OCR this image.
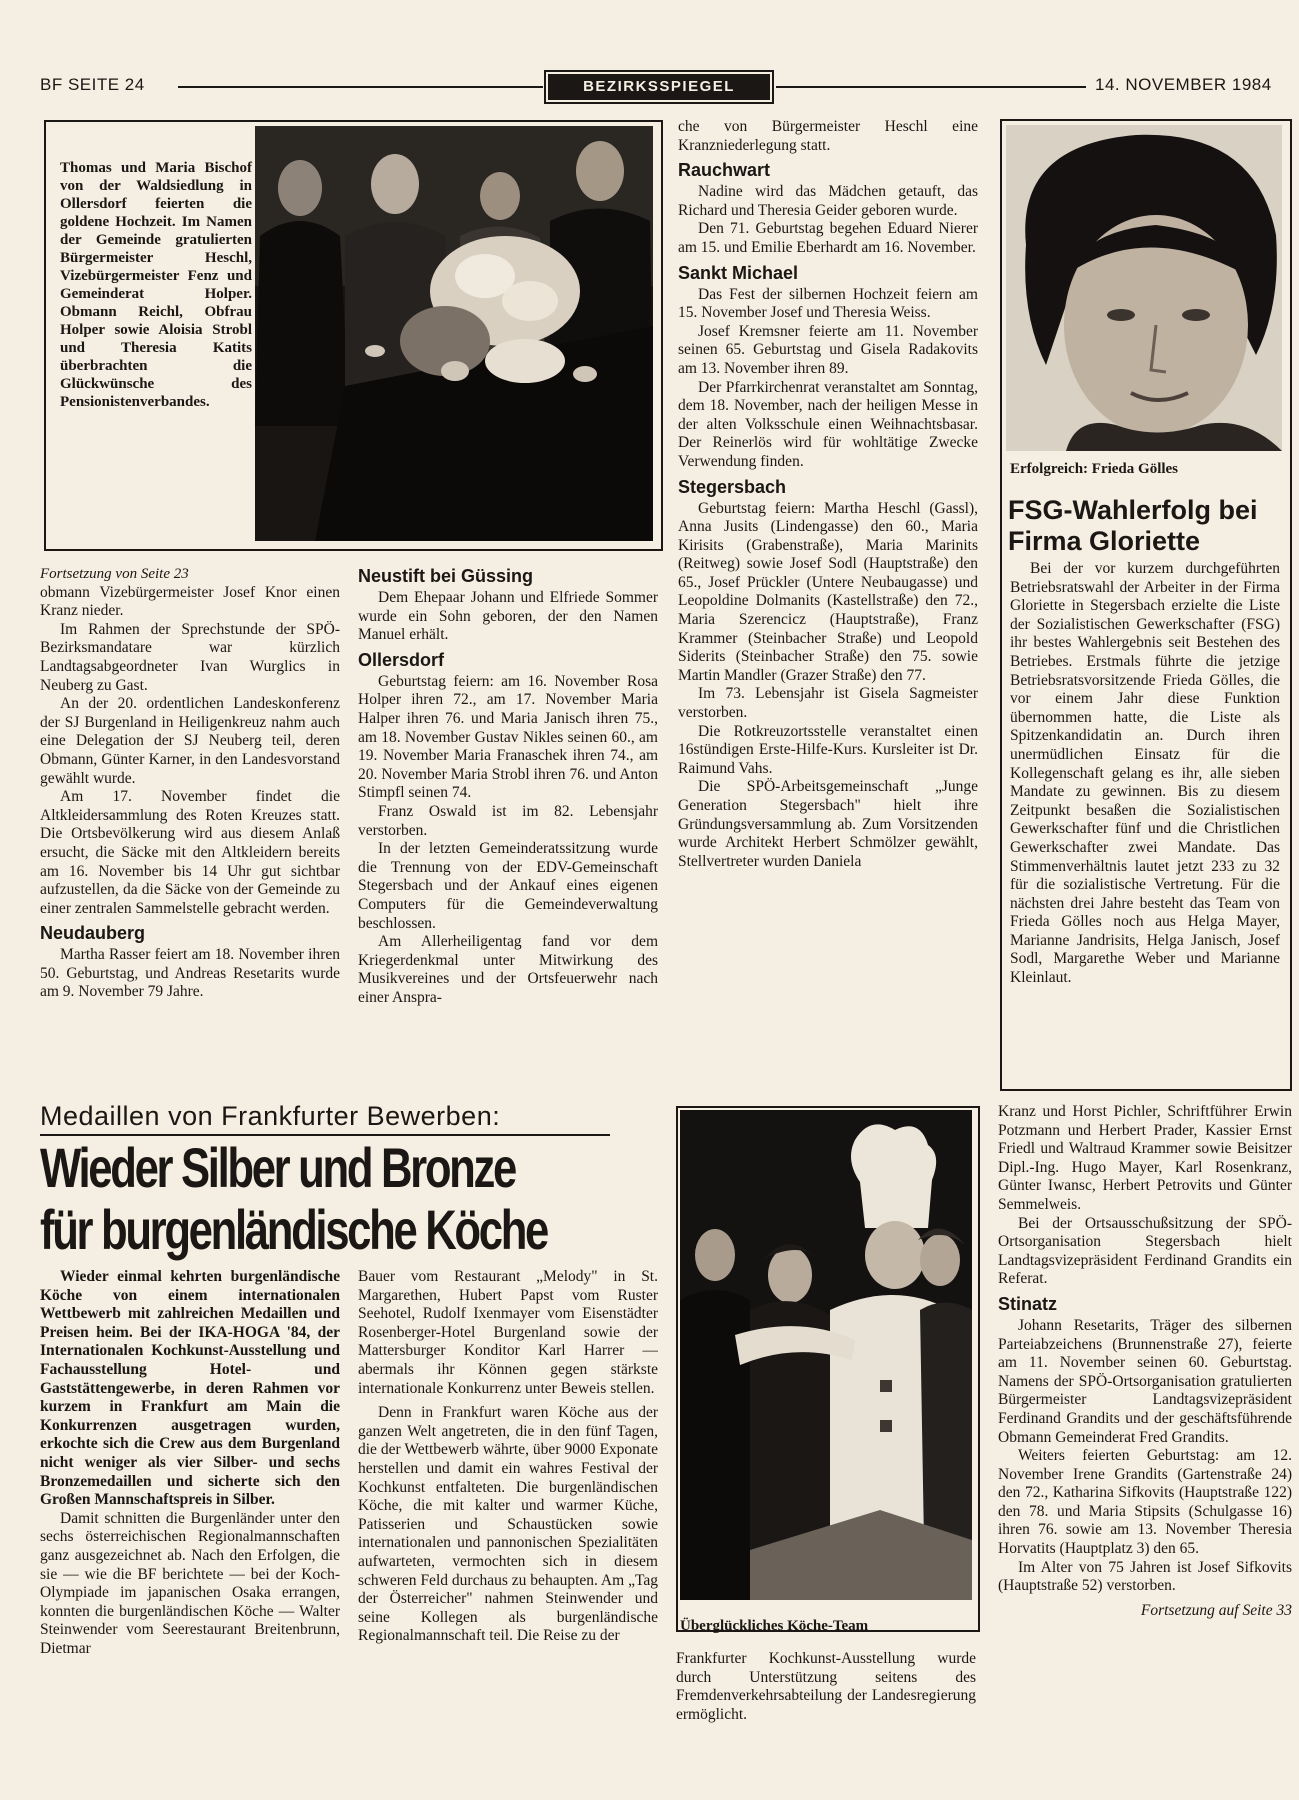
BF SEITE 24	BEZIRKSSPIEGEL	14. NOVEMBER 1984
Thomas und Maria Bischof von der Waldsiedlung in Ollersdorf feierten die goldene Hochzeit. Im Namen der Gemeinde gratulierten Bürgermeister Heschl, Vizebürgermeister Fenz und Gemeinderat Holper. Obmann Reichl, Obfrau Holper sowie Aloisia Strobl und Theresia Katits überbrachten die Glückwünsche des Pensionistenverbandes.
Fortsetzung von Seite 23
obmann Vizebürgermeister Josef Knor einen Kranz nieder.
Im Rahmen der Sprechstunde der SPÖ-Bezirksmandatare war kürzlich Landtagsabgeordneter Ivan Wurglics in Neuberg zu Gast.
An der 20. ordentlichen Landeskonferenz der SJ Burgenland in Heiligenkreuz nahm auch eine Delegation der SJ Neuberg teil, deren Obmann, Günter Karner, in den Landesvorstand gewählt wurde.
Am 17. November findet die Altkleidersammlung des Roten Kreuzes statt. Die Ortsbevölkerung wird aus diesem Anlaß ersucht, die Säcke mit den Altkleidern bereits am 16. November bis 14 Uhr gut sichtbar aufzustellen, da die Säcke von der Gemeinde zu einer zentralen Sammelstelle gebracht werden.
Neudauberg
Martha Rasser feiert am 18. November ihren 50. Geburtstag, und Andreas Resetarits wurde am 9. November 79 Jahre.
Neustift bei Güssing
Dem Ehepaar Johann und Elfriede Sommer wurde ein Sohn geboren, der den Namen Manuel erhält.
Ollersdorf
Geburtstag feiern: am 16. November Rosa Holper ihren 72., am 17. November Maria Halper ihren 76. und Maria Janisch ihren 75., am 18. November Gustav Nikles seinen 60., am 19. November Maria Franaschek ihren 74., am 20. November Maria Strobl ihren 76. und Anton Stimpfl seinen 74.
Franz Oswald ist im 82. Lebensjahr verstorben.
In der letzten Gemeinderatssitzung wurde die Trennung von der EDV-Gemeinschaft Stegersbach und der Ankauf eines eigenen Computers für die Gemeindeverwaltung beschlossen.
Am Allerheiligentag fand vor dem Kriegerdenkmal unter Mitwirkung des Musikvereines und der Ortsfeuerwehr nach einer Anspra-
che von Bürgermeister Heschl eine Kranzniederlegung statt.
Rauchwart
Nadine wird das Mädchen getauft, das Richard und Theresia Geider geboren wurde.
Den 71. Geburtstag begehen Eduard Nierer am 15. und Emilie Eberhardt am 16. November.
Sankt Michael
Das Fest der silbernen Hochzeit feiern am 15. November Josef und Theresia Weiss.
Josef Kremsner feierte am 11. November seinen 65. Geburtstag und Gisela Radakovits am 13. November ihren 89.
Der Pfarrkirchenrat veranstaltet am Sonntag, dem 18. November, nach der heiligen Messe in der alten Volksschule einen Weihnachtsbasar. Der Reinerlös wird für wohltätige Zwecke Verwendung finden.
Stegersbach
Geburtstag feiern: Martha Heschl (Gassl), Anna Jusits (Lindengasse) den 60., Maria Kirisits (Grabenstraße), Maria Marinits (Reitweg) sowie Josef Sodl (Hauptstraße) den 65., Josef Prückler (Untere Neubaugasse) und Leopoldine Dolmanits (Kastellstraße) den 72., Maria Szerencicz (Hauptstraße), Franz Krammer (Steinbacher Straße) und Leopold Siderits (Steinbacher Straße) den 75. sowie Martin Mandler (Grazer Straße) den 77.
Im 73. Lebensjahr ist Gisela Sagmeister verstorben.
Die Rotkreuzortsstelle veranstaltet einen 16stündigen Erste-Hilfe-Kurs. Kursleiter ist Dr. Raimund Vahs.
Die SPÖ-Arbeitsgemeinschaft „Junge Generation Stegersbach" hielt ihre Gründungsversammlung ab. Zum Vorsitzenden wurde Architekt Herbert Schmölzer gewählt, Stellvertreter wurden Daniela
Erfolgreich: Frieda Gölles
FSG-Wahlerfolg bei Firma Gloriette
Bei der vor kurzem durchgeführten Betriebsratswahl der Arbeiter in der Firma Gloriette in Stegersbach erzielte die Liste der Sozialistischen Gewerkschafter (FSG) ihr bestes Wahlergebnis seit Bestehen des Betriebes. Erstmals führte die jetzige Betriebsratsvorsitzende Frieda Gölles, die vor einem Jahr diese Funktion übernommen hatte, die Liste als Spitzenkandidatin an. Durch ihren unermüdlichen Einsatz für die Kollegenschaft gelang es ihr, alle sieben Mandate zu gewinnen. Bis zu diesem Zeitpunkt besaßen die Sozialistischen Gewerkschafter fünf und die Christlichen Gewerkschafter zwei Mandate. Das Stimmenverhältnis lautet jetzt 233 zu 32 für die sozialistische Vertretung. Für die nächsten drei Jahre besteht das Team von Frieda Gölles noch aus Helga Mayer, Marianne Jandrisits, Helga Janisch, Josef Sodl, Margarethe Weber und Marianne Kleinlaut.
Medaillen von Frankfurter Bewerben:
Wieder Silber und Bronze
für burgenländische Köche
Wieder einmal kehrten burgenländische Köche von einem internationalen Wettbewerb mit zahlreichen Medaillen und Preisen heim. Bei der IKA-HOGA '84, der Internationalen Kochkunst-Ausstellung und Fachausstellung Hotel- und Gaststättengewerbe, in deren Rahmen vor kurzem in Frankfurt am Main die Konkurrenzen ausgetragen wurden, erkochte sich die Crew aus dem Burgenland nicht weniger als vier Silber- und sechs Bronzemedaillen und sicherte sich den Großen Mannschaftspreis in Silber.
Damit schnitten die Burgenländer unter den sechs österreichischen Regionalmannschaften ganz ausgezeichnet ab. Nach den Erfolgen, die sie — wie die BF berichtete — bei der Koch-Olympiade im japanischen Osaka errangen, konnten die burgenländischen Köche — Walter Steinwender vom Seerestaurant Breitenbrunn, Dietmar
Bauer vom Restaurant „Melody" in St. Margarethen, Hubert Papst vom Ruster Seehotel, Rudolf Ixenmayer vom Eisenstädter Rosenberger-Hotel Burgenland sowie der Mattersburger Konditor Karl Harrer — abermals ihr Können gegen stärkste internationale Konkurrenz unter Beweis stellen.
Denn in Frankfurt waren Köche aus der ganzen Welt angetreten, die in den fünf Tagen, die der Wettbewerb währte, über 9000 Exponate herstellen und damit ein wahres Festival der Kochkunst entfalteten. Die burgenländischen Köche, die mit kalter und warmer Küche, Patisserien und Schaustücken sowie internationalen und pannonischen Spezialitäten aufwarteten, vermochten sich in diesem schweren Feld durchaus zu behaupten. Am „Tag der Österreicher" nahmen Steinwender und seine Kollegen als burgenländische Regionalmannschaft teil. Die Reise zu der
Überglückliches Köche-Team
Frankfurter Kochkunst-Ausstellung wurde durch Unterstützung seitens des Fremdenverkehrsabteilung der Landesregierung ermöglicht.
Kranz und Horst Pichler, Schriftführer Erwin Potzmann und Herbert Prader, Kassier Ernst Friedl und Waltraud Krammer sowie Beisitzer Dipl.-Ing. Hugo Mayer, Karl Rosenkranz, Günter Iwansc, Herbert Petrovits und Günter Semmelweis.
Bei der Ortsausschußsitzung der SPÖ-Ortsorganisation Stegersbach hielt Landtagsvizepräsident Ferdinand Grandits ein Referat.
Stinatz
Johann Resetarits, Träger des silbernen Parteiabzeichens (Brunnenstraße 27), feierte am 11. November seinen 60. Geburtstag. Namens der SPÖ-Ortsorganisation gratulierten Bürgermeister Landtagsvizepräsident Ferdinand Grandits und der geschäftsführende Obmann Gemeinderat Fred Grandits.
Weiters feierten Geburtstag: am 12. November Irene Grandits (Gartenstraße 24) den 72., Katharina Sifkovits (Hauptstraße 122) den 78. und Maria Stipsits (Schulgasse 16) ihren 76. sowie am 13. November Theresia Horvatits (Hauptplatz 3) den 65.
Im Alter von 75 Jahren ist Josef Sifkovits (Hauptstraße 52) verstorben.
Fortsetzung auf Seite 33
